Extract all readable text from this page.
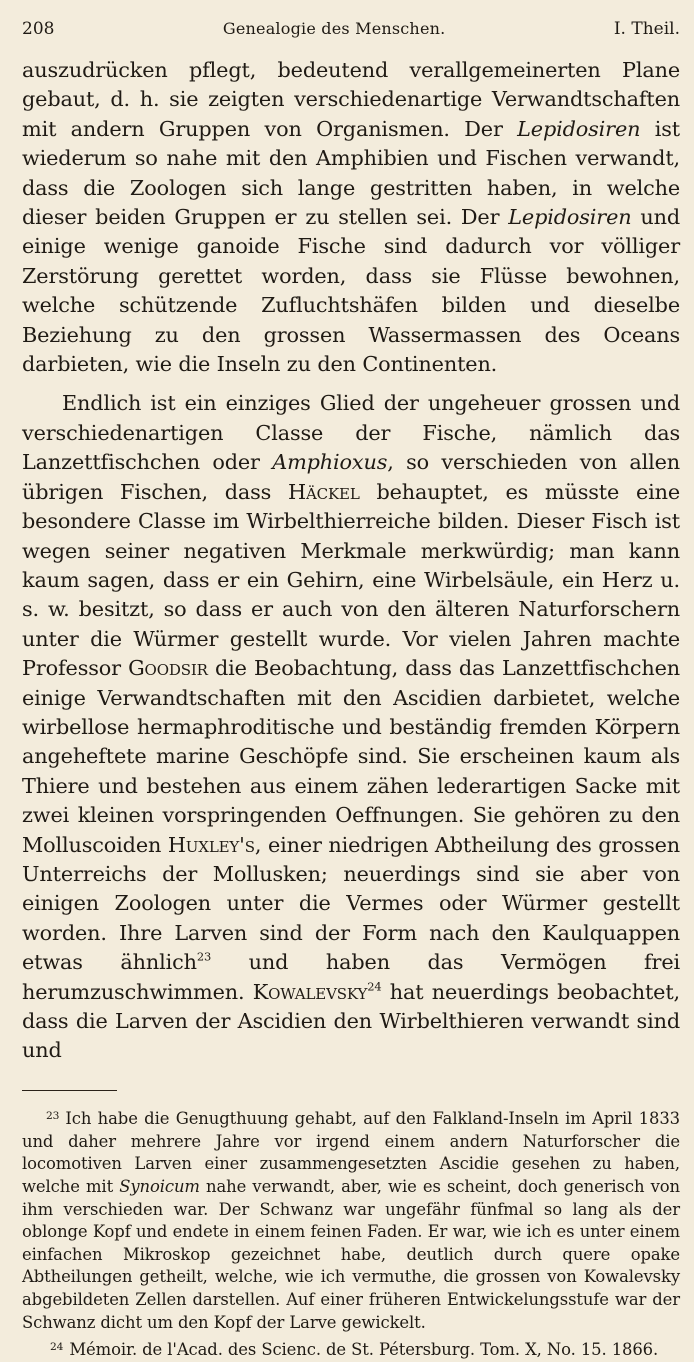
208	Genealogie des Menschen.	I. Theil.

auszudrücken pflegt, bedeutend verallgemeinerten Plane gebaut, d. h. sie zeigten verschiedenartige Verwandtschaften mit andern Gruppen von Organismen. Der Lepidosiren ist wiederum so nahe mit den Amphibien und Fischen verwandt, dass die Zoologen sich lange gestritten haben, in welche dieser beiden Gruppen er zu stellen sei. Der Lepidosiren und einige wenige ganoide Fische sind dadurch vor völliger Zerstörung gerettet worden, dass sie Flüsse bewohnen, welche schützende Zufluchtshäfen bilden und dieselbe Beziehung zu den grossen Wassermassen des Oceans darbieten, wie die Inseln zu den Continenten.

Endlich ist ein einziges Glied der ungeheuer grossen und verschiedenartigen Classe der Fische, nämlich das Lanzettfischchen oder Amphioxus, so verschieden von allen übrigen Fischen, dass Häckel behauptet, es müsste eine besondere Classe im Wirbelthierreiche bilden. Dieser Fisch ist wegen seiner negativen Merkmale merkwürdig; man kann kaum sagen, dass er ein Gehirn, eine Wirbelsäule, ein Herz u. s. w. besitzt, so dass er auch von den älteren Naturforschern unter die Würmer gestellt wurde. Vor vielen Jahren machte Professor Goodsir die Beobachtung, dass das Lanzettfischchen einige Verwandtschaften mit den Ascidien darbietet, welche wirbellose hermaphroditische und beständig fremden Körpern angeheftete marine Geschöpfe sind. Sie erscheinen kaum als Thiere und bestehen aus einem zähen lederartigen Sacke mit zwei kleinen vorspringenden Oeffnungen. Sie gehören zu den Molluscoiden Huxley's, einer niedrigen Abtheilung des grossen Unterreichs der Mollusken; neuerdings sind sie aber von einigen Zoologen unter die Vermes oder Würmer gestellt worden. Ihre Larven sind der Form nach den Kaulquappen etwas ähnlich$^{23}$ und haben das Vermögen frei herumzuschwimmen. Kowalevsky$^{24}$ hat neuerdings beobachtet, dass die Larven der Ascidien den Wirbelthieren verwandt sind und

$^{23}$ Ich habe die Genugthuung gehabt, auf den Falkland-Inseln im April 1833 und daher mehrere Jahre vor irgend einem andern Naturforscher die locomotiven Larven einer zusammengesetzten Ascidie gesehen zu haben, welche mit Synoicum nahe verwandt, aber, wie es scheint, doch generisch von ihm verschieden war. Der Schwanz war ungefähr fünfmal so lang als der oblonge Kopf und endete in einem feinen Faden. Er war, wie ich es unter einem einfachen Mikroskop gezeichnet habe, deutlich durch quere opake Abtheilungen getheilt, welche, wie ich vermuthe, die grossen von Kowalevsky abgebildeten Zellen darstellen. Auf einer früheren Entwickelungsstufe war der Schwanz dicht um den Kopf der Larve gewickelt.

$^{24}$ Mémoir. de l'Acad. des Scienc. de St. Pétersburg. Tom. X, No. 15. 1866.
